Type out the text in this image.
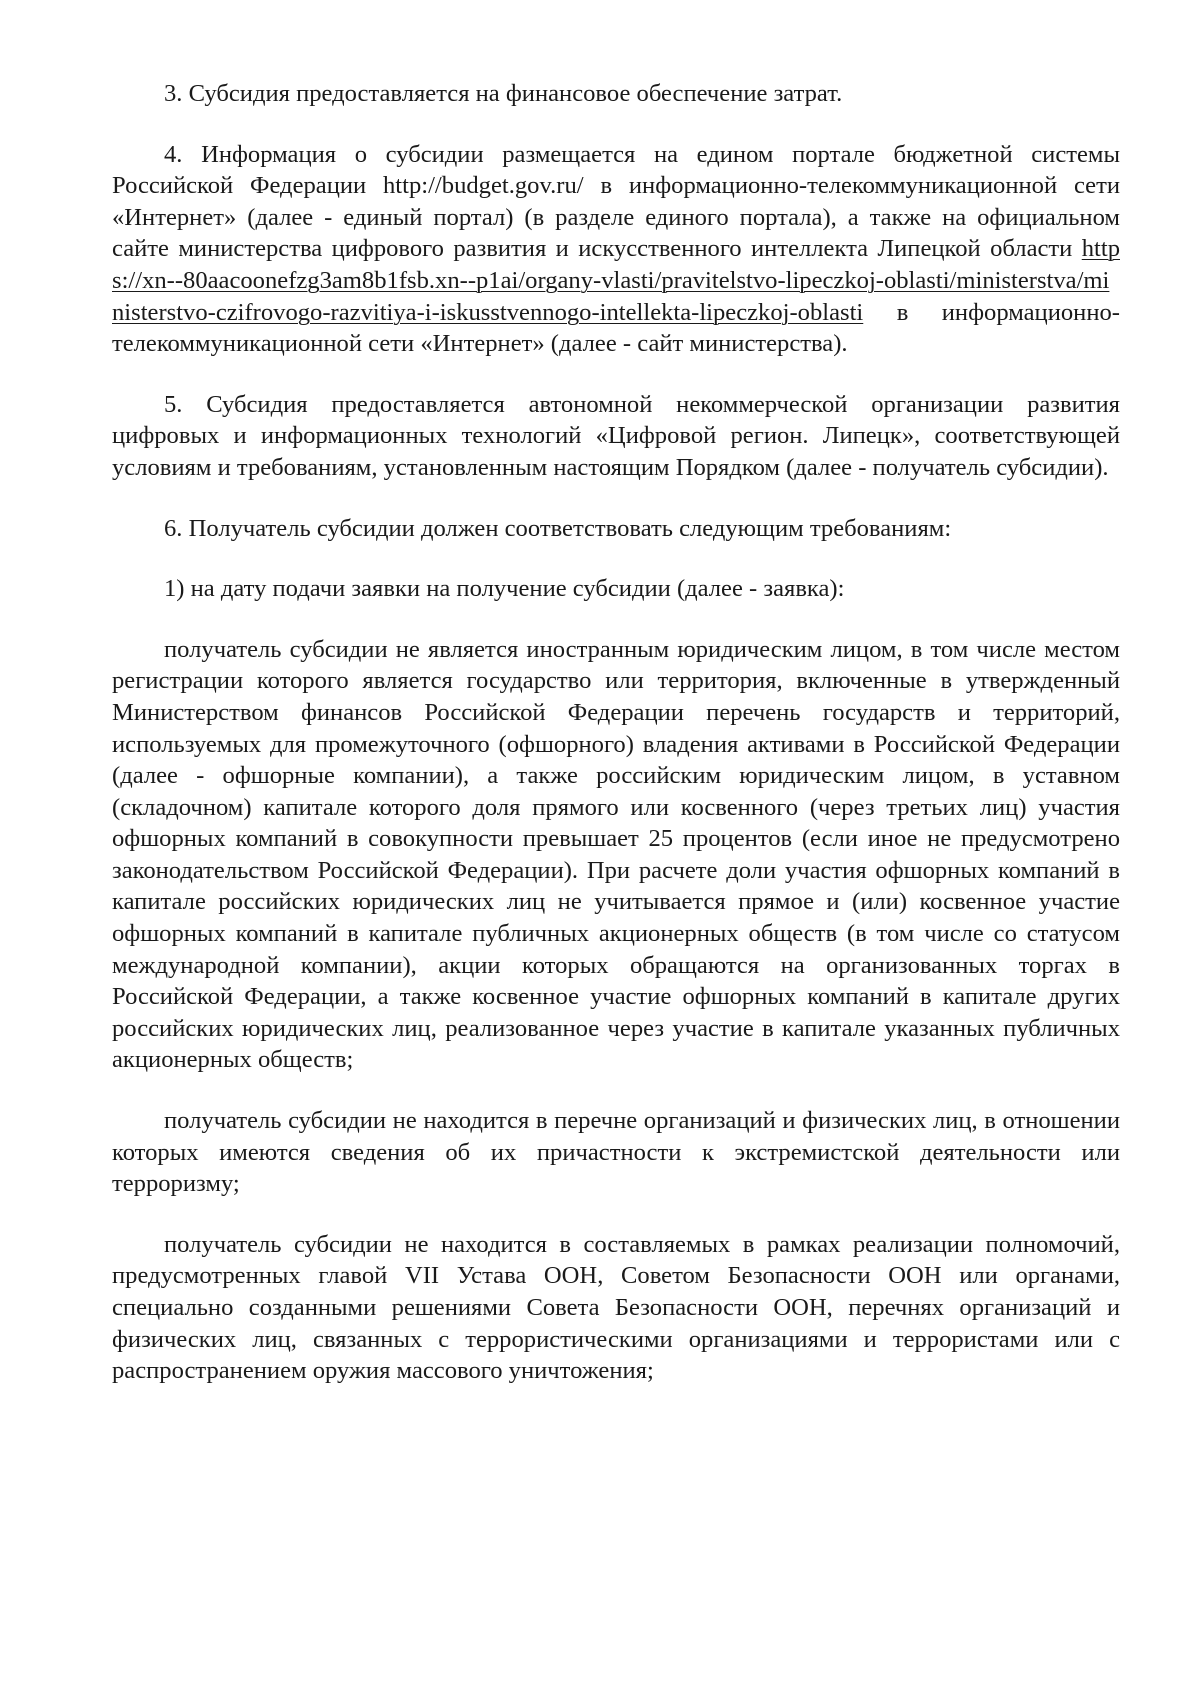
3. Субсидия предоставляется на финансовое обеспечение затрат.

4. Информация о субсидии размещается на едином портале бюджетной системы Российской Федерации http://budget.gov.ru/ в информационно-телекоммуникационной сети «Интернет» (далее - единый портал) (в разделе единого портала), а также на официальном сайте министерства цифрового развития и искусственного интеллекта Липецкой области https://xn--80aacoonefzg3am8b1fsb.xn--p1ai/organy-vlasti/pravitelstvo-lipeczkoj-oblasti/ministerstva/ministerstvo-czifrovogo-razvitiya-i-iskusstvennogo-intellekta-lipeczkoj-oblasti в информационно-телекоммуникационной сети «Интернет» (далее - сайт министерства).

5. Субсидия предоставляется автономной некоммерческой организации развития цифровых и информационных технологий «Цифровой регион. Липецк», соответствующей условиям и требованиям, установленным настоящим Порядком (далее - получатель субсидии).

6. Получатель субсидии должен соответствовать следующим требованиям:

1) на дату подачи заявки на получение субсидии (далее - заявка):

получатель субсидии не является иностранным юридическим лицом, в том числе местом регистрации которого является государство или территория, включенные в утвержденный Министерством финансов Российской Федерации перечень государств и территорий, используемых для промежуточного (офшорного) владения активами в Российской Федерации (далее - офшорные компании), а также российским юридическим лицом, в уставном (складочном) капитале которого доля прямого или косвенного (через третьих лиц) участия офшорных компаний в совокупности превышает 25 процентов (если иное не предусмотрено законодательством Российской Федерации). При расчете доли участия офшорных компаний в капитале российских юридических лиц не учитывается прямое и (или) косвенное участие офшорных компаний в капитале публичных акционерных обществ (в том числе со статусом международной компании), акции которых обращаются на организованных торгах в Российской Федерации, а также косвенное участие офшорных компаний в капитале других российских юридических лиц, реализованное через участие в капитале указанных публичных акционерных обществ;

получатель субсидии не находится в перечне организаций и физических лиц, в отношении которых имеются сведения об их причастности к экстремистской деятельности или терроризму;

получатель субсидии не находится в составляемых в рамках реализации полномочий, предусмотренных главой VII Устава ООН, Советом Безопасности ООН или органами, специально созданными решениями Совета Безопасности ООН, перечнях организаций и физических лиц, связанных с террористическими организациями и террористами или с распространением оружия массового уничтожения;
